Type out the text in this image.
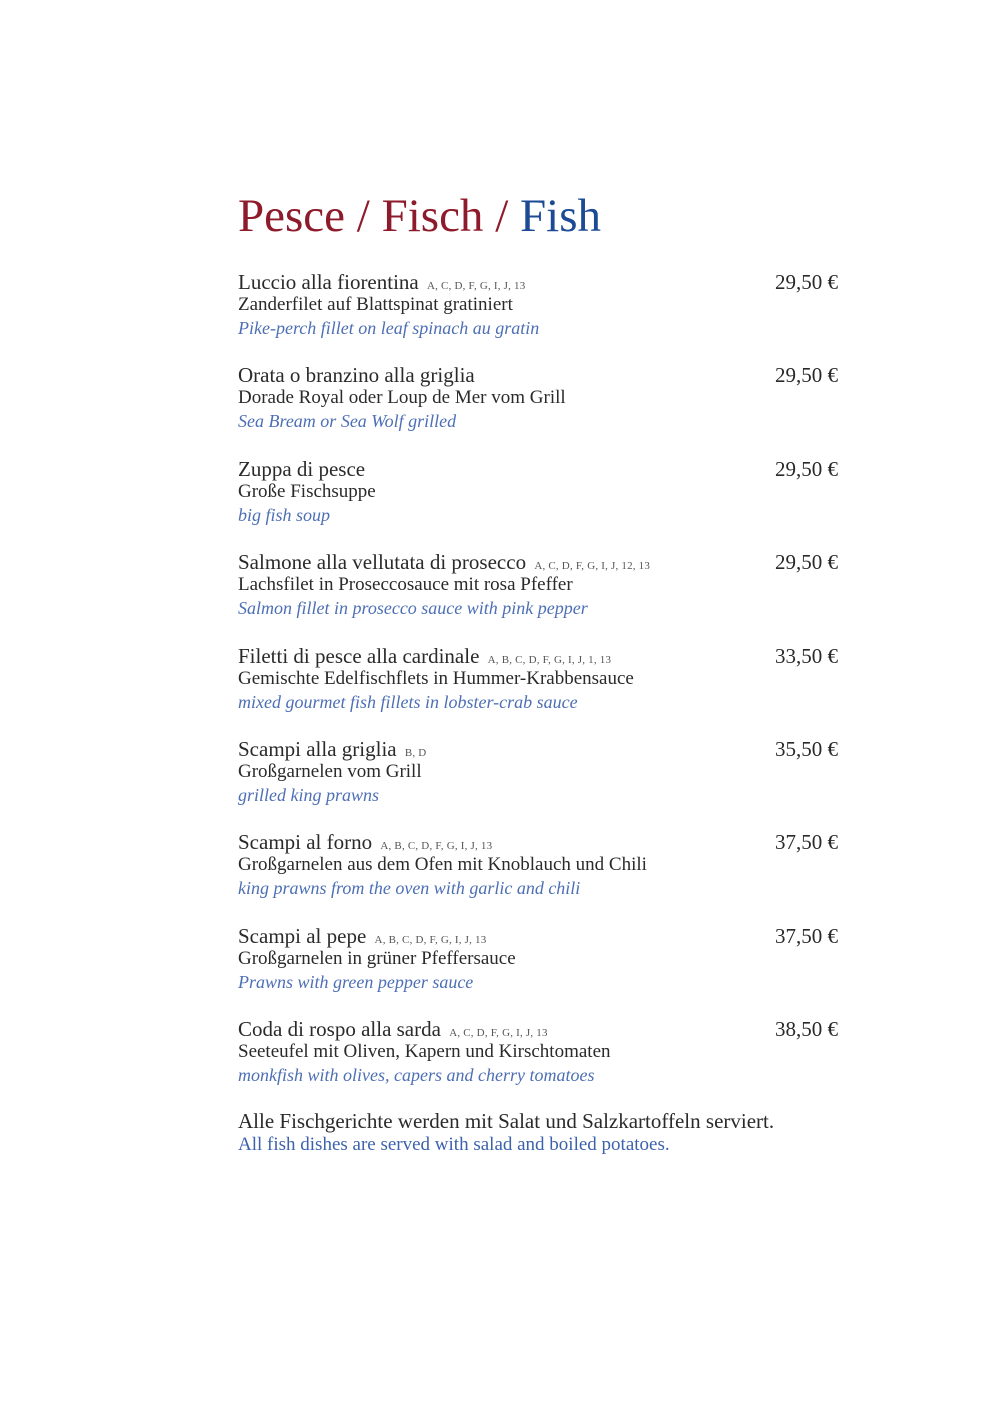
Pesce / Fisch / Fish
Luccio alla fiorentina A, C, D, F, G, I, J, 13	29,50 €
Zanderfilet auf Blattspinat gratiniert
Pike-perch fillet on leaf spinach au gratin
Orata o branzino alla griglia	29,50 €
Dorade Royal oder Loup de Mer vom Grill
Sea Bream or Sea Wolf grilled
Zuppa di pesce	29,50 €
Große Fischsuppe
big fish soup
Salmone alla vellutata di prosecco A, C, D, F, G, I, J, 12, 13	29,50 €
Lachsfilet in Proseccosauce mit rosa Pfeffer
Salmon fillet in prosecco sauce with pink pepper
Filetti di pesce alla cardinale A, B, C, D, F, G, I, J, 1, 13	33,50 €
Gemischte Edelfischflets in Hummer-Krabbensauce
mixed gourmet fish fillets in lobster-crab sauce
Scampi alla griglia B, D	35,50 €
Großgarnelen vom Grill
grilled king prawns
Scampi al forno A, B, C, D, F, G, I, J, 13	37,50 €
Großgarnelen aus dem Ofen mit Knoblauch und Chili
king prawns from the oven with garlic and chili
Scampi al pepe A, B, C, D, F, G, I, J, 13	37,50 €
Großgarnelen in grüner Pfeffersauce
Prawns with green pepper sauce
Coda di rospo alla sarda A, C, D, F, G, I, J, 13	38,50 €
Seeteufel mit Oliven, Kapern und Kirschtomaten
monkfish with olives, capers and cherry tomatoes
Alle Fischgerichte werden mit Salat und Salzkartoffeln serviert.
All fish dishes are served with salad and boiled potatoes.
